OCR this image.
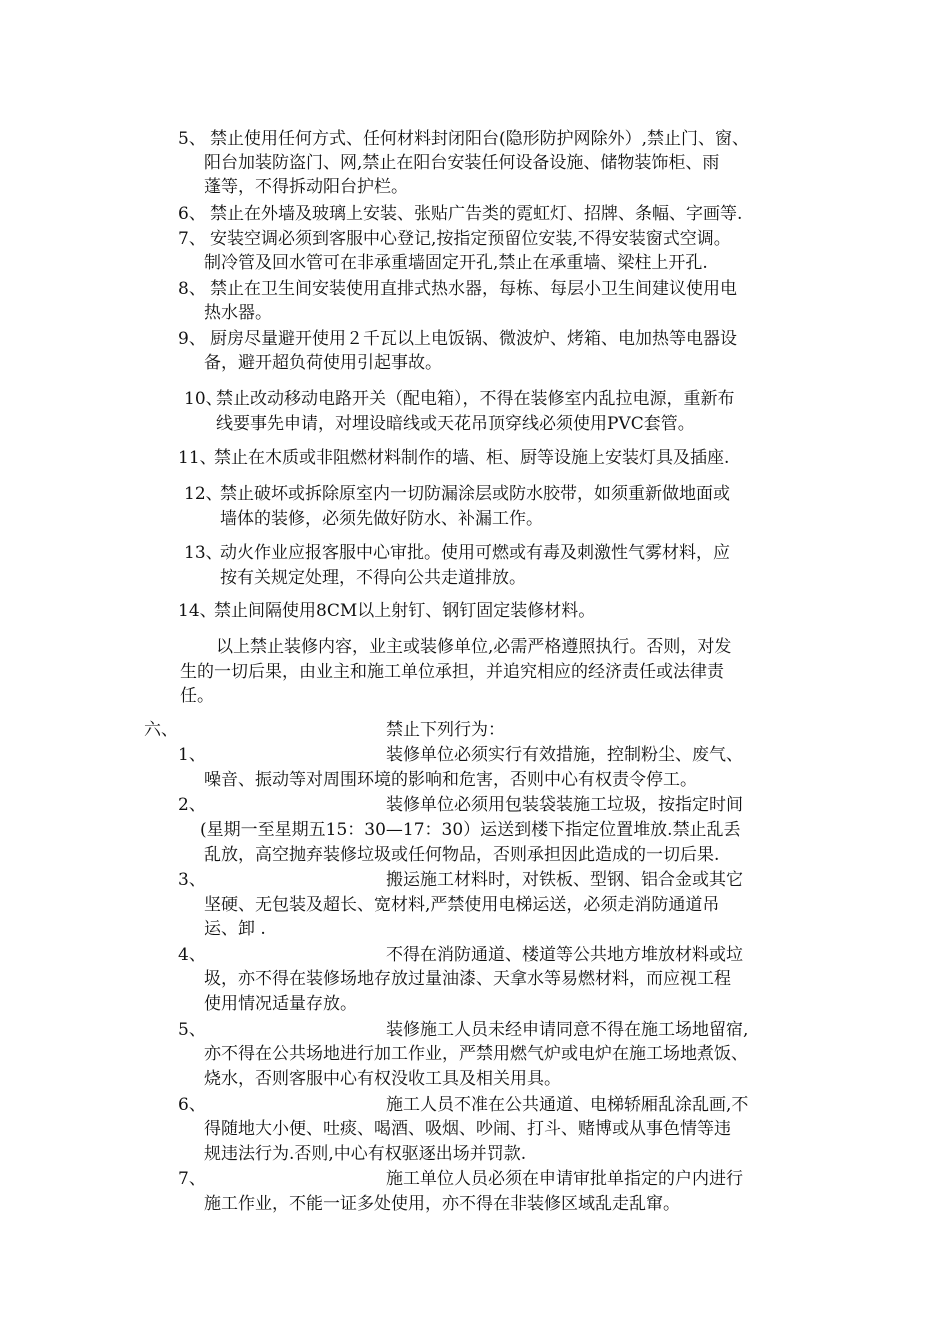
5、 禁止使用任何方式、任何材料封闭阳台(隐形防护网除外）,禁止门、窗、
阳台加装防盗门、网,禁止在阳台安装任何设备设施、储物装饰柜、雨
蓬等，不得拆动阳台护栏。
6、 禁止在外墙及玻璃上安装、张贴广告类的霓虹灯、招牌、条幅、字画等.
7、 安装空调必须到客服中心登记,按指定预留位安装,不得安装窗式空调。
制冷管及回水管可在非承重墙固定开孔,禁止在承重墙、梁柱上开孔.
8、 禁止在卫生间安装使用直排式热水器，每栋、每层小卫生间建议使用电
热水器。
9、 厨房尽量避开使用２千瓦以上电饭锅、微波炉、烤箱、电加热等电器设
备，避开超负荷使用引起事故。
10、
禁止改动移动电路开关（配电箱），不得在装修室内乱拉电源，重新布
线要事先申请，对埋设暗线或天花吊顶穿线必须使用PVC套管。
11、
禁止在木质或非阻燃材料制作的墙、柜、厨等设施上安装灯具及插座.
12、
禁止破坏或拆除原室内一切防漏涂层或防水胶带，如须重新做地面或
墙体的装修，必须先做好防水、补漏工作。
13、
动火作业应报客服中心审批。使用可燃或有毒及刺激性气雾材料，应
按有关规定处理，不得向公共走道排放。
14、
禁止间隔使用8CM以上射钉、钢钉固定装修材料。
以上禁止装修内容，业主或装修单位,必需严格遵照执行。否则，对发
生的一切后果，由业主和施工单位承担，并追究相应的经济责任或法律责
任。
六、	禁止下列行为：
1、	装修单位必须实行有效措施，控制粉尘、废气、
噪音、振动等对周围环境的影响和危害，否则中心有权责令停工。
2、	装修单位必须用包装袋装施工垃圾，按指定时间
(星期一至星期五15：30—17：30）运送到楼下指定位置堆放.禁止乱丢
乱放，高空抛弃装修垃圾或任何物品，否则承担因此造成的一切后果.
3、	搬运施工材料时，对铁板、型钢、铝合金或其它
坚硬、无包装及超长、宽材料,严禁使用电梯运送，必须走消防通道吊
运、卸 .
4、	不得在消防通道、楼道等公共地方堆放材料或垃
圾，亦不得在装修场地存放过量油漆、天拿水等易燃材料，而应视工程
使用情况适量存放。
5、	装修施工人员未经申请同意不得在施工场地留宿,
亦不得在公共场地进行加工作业，严禁用燃气炉或电炉在施工场地煮饭、
烧水，否则客服中心有权没收工具及相关用具。
6、	施工人员不准在公共通道、电梯轿厢乱涂乱画,不
得随地大小便、吐痰、喝酒、吸烟、吵闹、打斗、赌博或从事色情等违
规违法行为.否则,中心有权驱逐出场并罚款.
7、	施工单位人员必须在申请审批单指定的户内进行
施工作业，不能一证多处使用，亦不得在非装修区域乱走乱窜。
